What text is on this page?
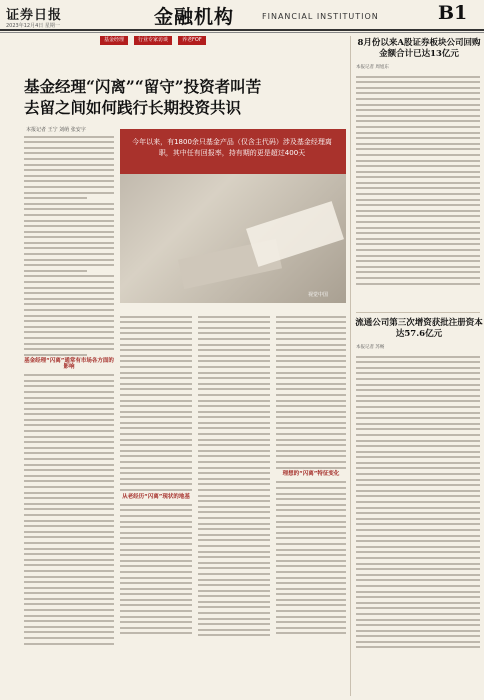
证券日报
2023年12月4日 星期一	金融机构	FINANCIAL INSTITUTION	B1
基金经理	行业专家访谈	养老FOF
基金经理“闪离”“留守”投资者叫苦
去留之间如何践行长期投资共识
本报记者 王宁 刘萌 张安宇
今年以来，有1800余只基金产品（仅含主代码）涉及基金经理离职，其中任有回报率，持有期的更是超过400天
视觉中国
基金经理“闪离”通常有市场各方面的影响
从老经历“闪离”现状的地基
理想的“闪离”特征变化
8月份以来A股证券板块公司回购金额合计已达13亿元
本报记者 周旭东
流通公司第三次增资获批注册资本达57.6亿元
本报记者 苏畅
